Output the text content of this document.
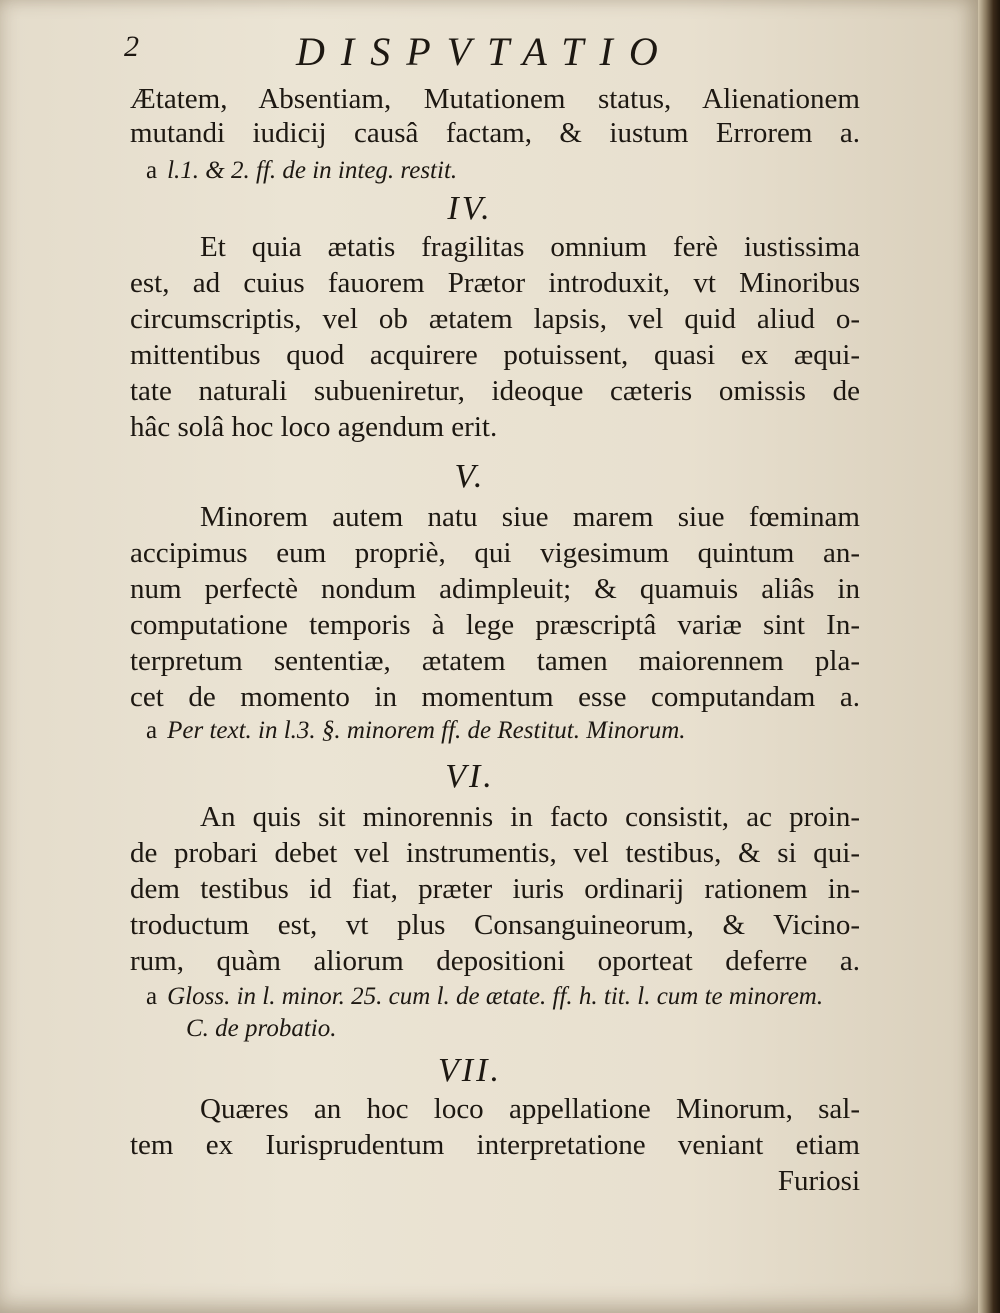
2	DISPVTATIO
Ætatem, Absentiam, Mutationem status, Alienationem
mutandi iudicij causâ factam, & iustum Errorem a.
a l.1. & 2. ff. de in integ. restit.
IV.
Et quia ætatis fragilitas omnium ferè iustissima
est, ad cuius fauorem Prætor introduxit, vt Minoribus
circumscriptis, vel ob ætatem lapsis, vel quid aliud o-
mittentibus quod acquirere potuissent, quasi ex æqui-
tate naturali subueniretur, ideoque cæteris omissis de
hâc solâ hoc loco agendum erit.
V.
Minorem autem natu siue marem siue fœminam
accipimus eum propriè, qui vigesimum quintum an-
num perfectè nondum adimpleuit; & quamuis aliâs in
computatione temporis à lege præscriptâ variæ sint In-
terpretum sententiæ, ætatem tamen maiorennem pla-
cet de momento in momentum esse computandam a.
a Per text. in l.3. §. minorem ff. de Restitut. Minorum.
VI.
An quis sit minorennis in facto consistit, ac proin-
de probari debet vel instrumentis, vel testibus, & si qui-
dem testibus id fiat, præter iuris ordinarij rationem in-
troductum est, vt plus Consanguineorum, & Vicino-
rum, quàm aliorum depositioni oporteat deferre a.
a Gloss. in l. minor. 25. cum l. de ætate. ff. h. tit. l. cum te minorem.
C. de probatio.
VII.
Quæres an hoc loco appellatione Minorum, sal-
tem ex Iurisprudentum interpretatione veniant etiam
Furiosi
